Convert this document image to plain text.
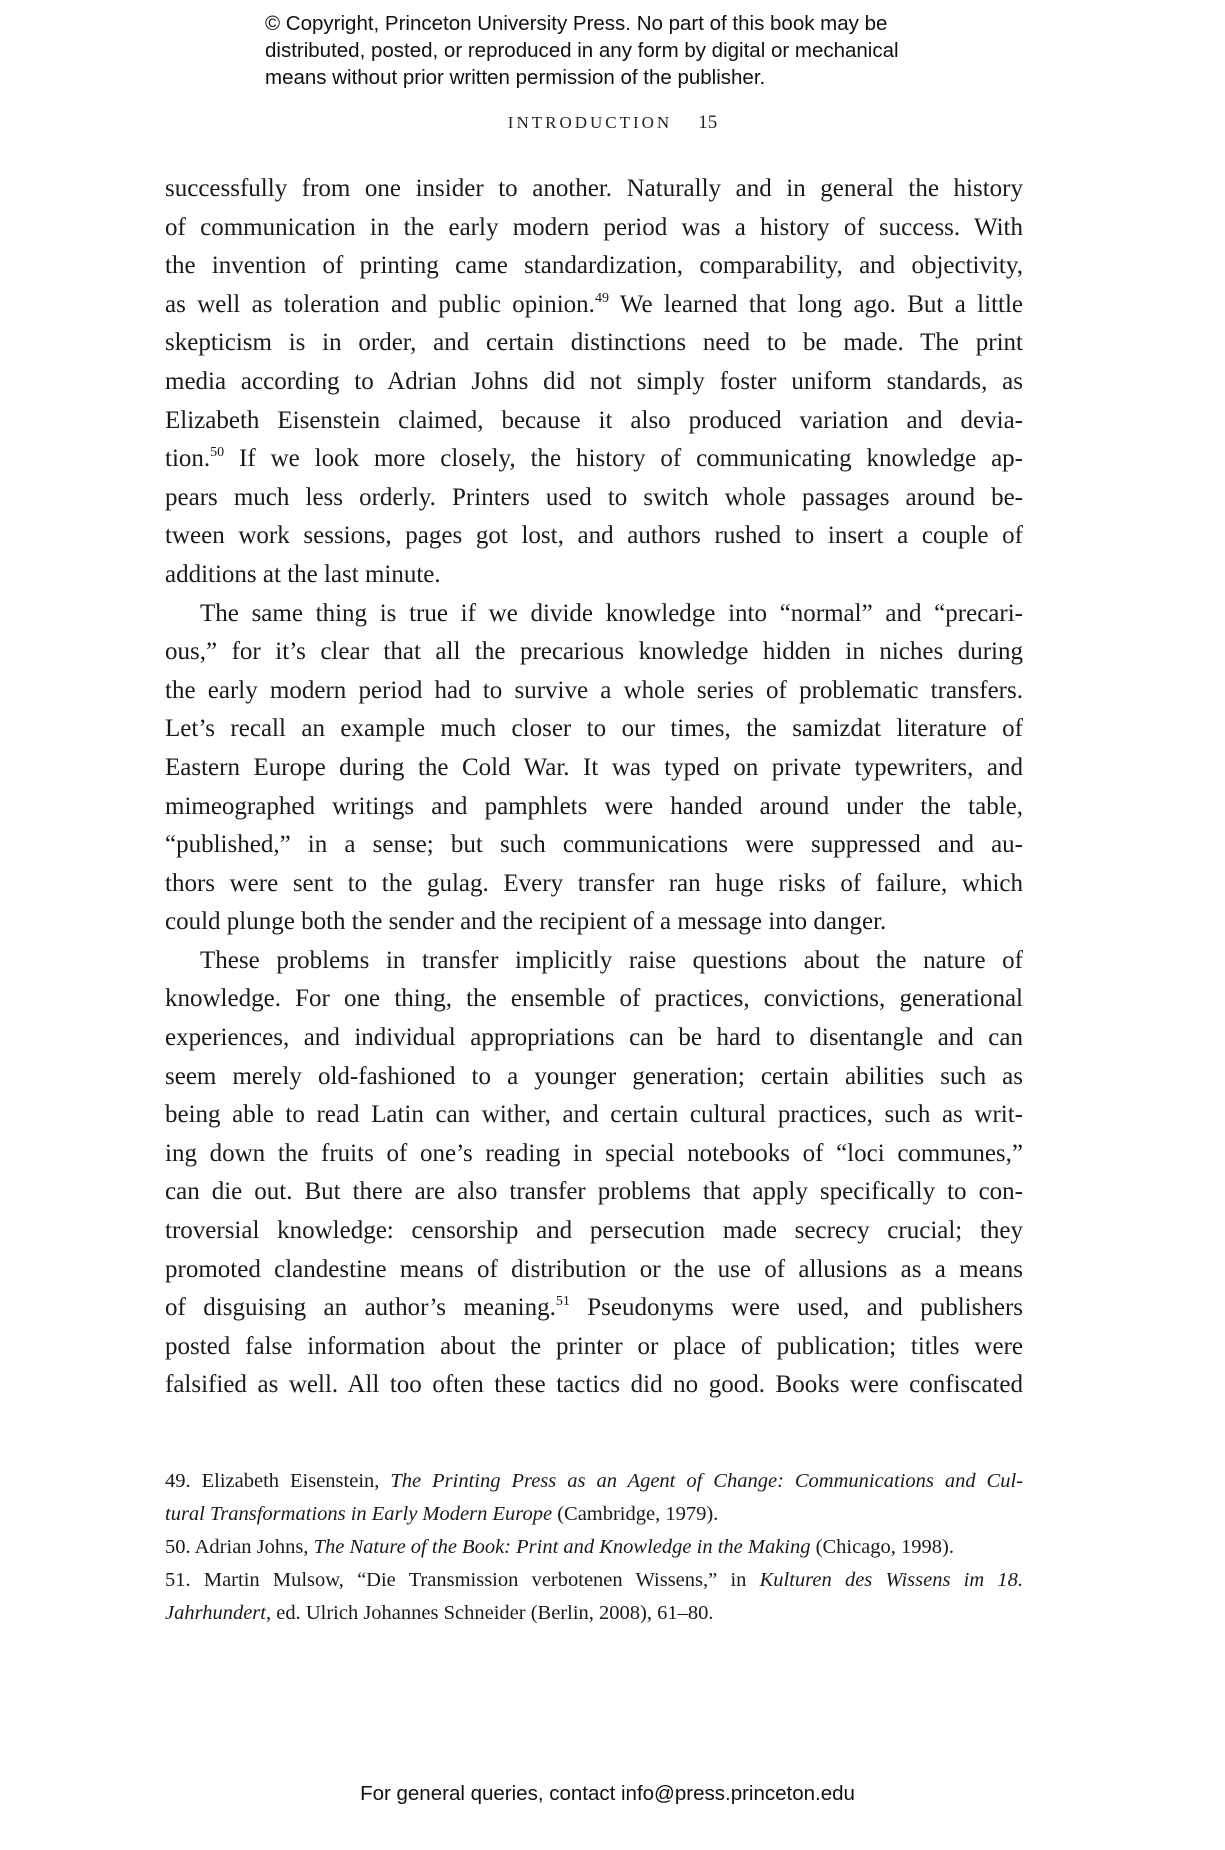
© Copyright, Princeton University Press. No part of this book may be
distributed, posted, or reproduced in any form by digital or mechanical
means without prior written permission of the publisher.
INTRODUCTION 15
successfully from one insider to another. Naturally and in general the history
of communication in the early modern period was a history of success. With
the invention of printing came standardization, comparability, and objectivity,
as well as toleration and public opinion.$^{49}$ We learned that long ago. But a little
skepticism is in order, and certain distinctions need to be made. The print
media according to Adrian Johns did not simply foster uniform standards, as
Elizabeth Eisenstein claimed, because it also produced variation and devia-
tion.$^{50}$ If we look more closely, the history of communicating knowledge ap-
pears much less orderly. Printers used to switch whole passages around be-
tween work sessions, pages got lost, and authors rushed to insert a couple of
additions at the last minute.
The same thing is true if we divide knowledge into “normal” and “precari-
ous,” for it’s clear that all the precarious knowledge hidden in niches during
the early modern period had to survive a whole series of problematic transfers.
Let’s recall an example much closer to our times, the samizdat literature of
Eastern Europe during the Cold War. It was typed on private typewriters, and
mimeographed writings and pamphlets were handed around under the table,
“published,” in a sense; but such communications were suppressed and au-
thors were sent to the gulag. Every transfer ran huge risks of failure, which
could plunge both the sender and the recipient of a message into danger.
These problems in transfer implicitly raise questions about the nature of
knowledge. For one thing, the ensemble of practices, convictions, generational
experiences, and individual appropriations can be hard to disentangle and can
seem merely old-fashioned to a younger generation; certain abilities such as
being able to read Latin can wither, and certain cultural practices, such as writ-
ing down the fruits of one’s reading in special notebooks of “loci communes,”
can die out. But there are also transfer problems that apply specifically to con-
troversial knowledge: censorship and persecution made secrecy crucial; they
promoted clandestine means of distribution or the use of allusions as a means
of disguising an author’s meaning.$^{51}$ Pseudonyms were used, and publishers
posted false information about the printer or place of publication; titles were
falsified as well. All too often these tactics did no good. Books were confiscated
49. Elizabeth Eisenstein, The Printing Press as an Agent of Change: Communications and Cul-
tural Transformations in Early Modern Europe (Cambridge, 1979).
50. Adrian Johns, The Nature of the Book: Print and Knowledge in the Making (Chicago, 1998).
51. Martin Mulsow, “Die Transmission verbotenen Wissens,” in Kulturen des Wissens im 18.
Jahrhundert, ed. Ulrich Johannes Schneider (Berlin, 2008), 61–80.
For general queries, contact info@press.princeton.edu
